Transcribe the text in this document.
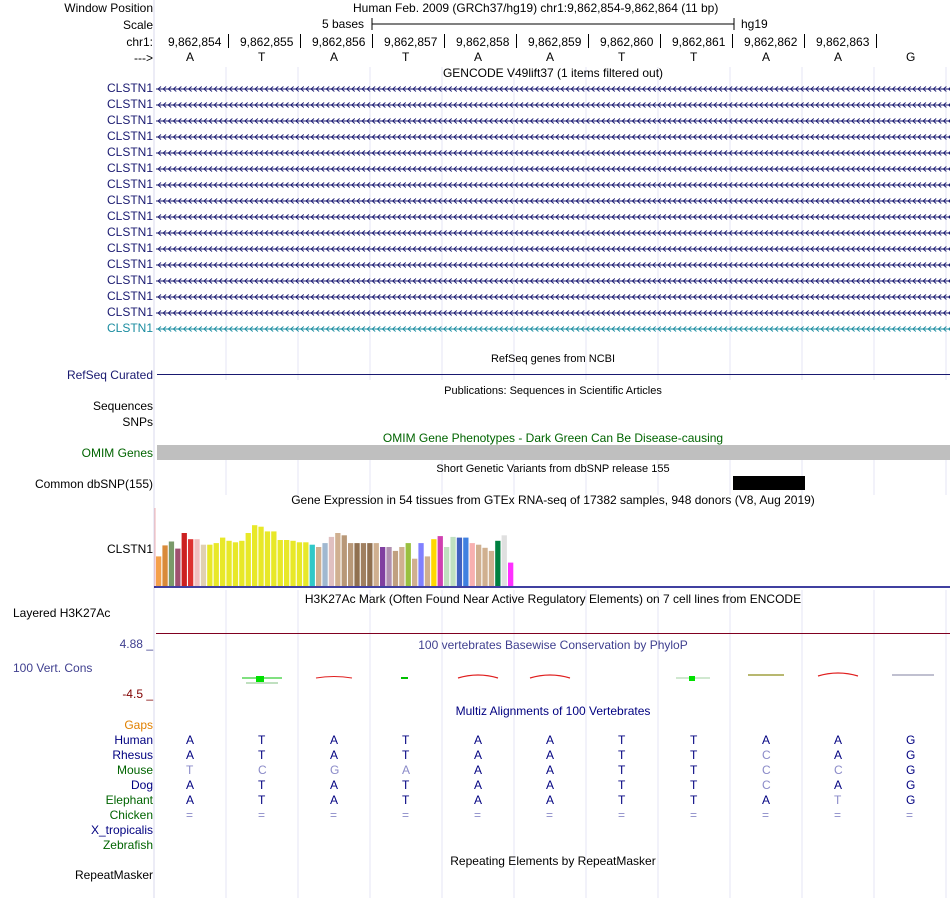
Window Position	Human Feb. 2009 (GRCh37/hg19) chr1:9,862,854-9,862,864 (11 bp)
Scale	5 bases	hg19
chr1: 9,862,854 9,862,855 9,862,856 9,862,857 9,862,858 9,862,859 9,862,860 9,862,861 9,862,862 9,862,863
--->	A	T	A	T	A	A	T	T	A	A	G
GENCODE V49lift37 (1 items filtered out)
CLSTN1
CLSTN1
CLSTN1
CLSTN1
CLSTN1
CLSTN1
CLSTN1
CLSTN1
CLSTN1
CLSTN1
CLSTN1
CLSTN1
CLSTN1
CLSTN1
CLSTN1
CLSTN1
RefSeq genes from NCBI
RefSeq Curated
Publications: Sequences in Scientific Articles
Sequences
SNPs
OMIM Gene Phenotypes - Dark Green Can Be Disease-causing
OMIM Genes
Short Genetic Variants from dbSNP release 155
Common dbSNP(155)
Gene Expression in 54 tissues from GTEx RNA-seq of 17382 samples, 948 donors (V8, Aug 2019)
CLSTN1
H3K27Ac Mark (Often Found Near Active Regulatory Elements) on 7 cell lines from ENCODE
Layered H3K27Ac
100 vertebrates Basewise Conservation by PhyloP
4.88 _
100 Vert. Cons
-4.5 _
Multiz Alignments of 100 Vertebrates
Gaps
Human	A	T	A	T	A	A	T	T	A	A	G
Rhesus	A	T	A	T	A	A	T	T	C	A	G
Mouse	T	C	G	A	A	A	T	T	C	C	G
Dog	A	T	A	T	A	A	T	T	C	A	G
Elephant	A	T	A	T	A	A	T	T	A	T	G
Chicken	=	=	=	=	=	=	=	=	=	=	=
X_tropicalis
Zebrafish
Repeating Elements by RepeatMasker
RepeatMasker
